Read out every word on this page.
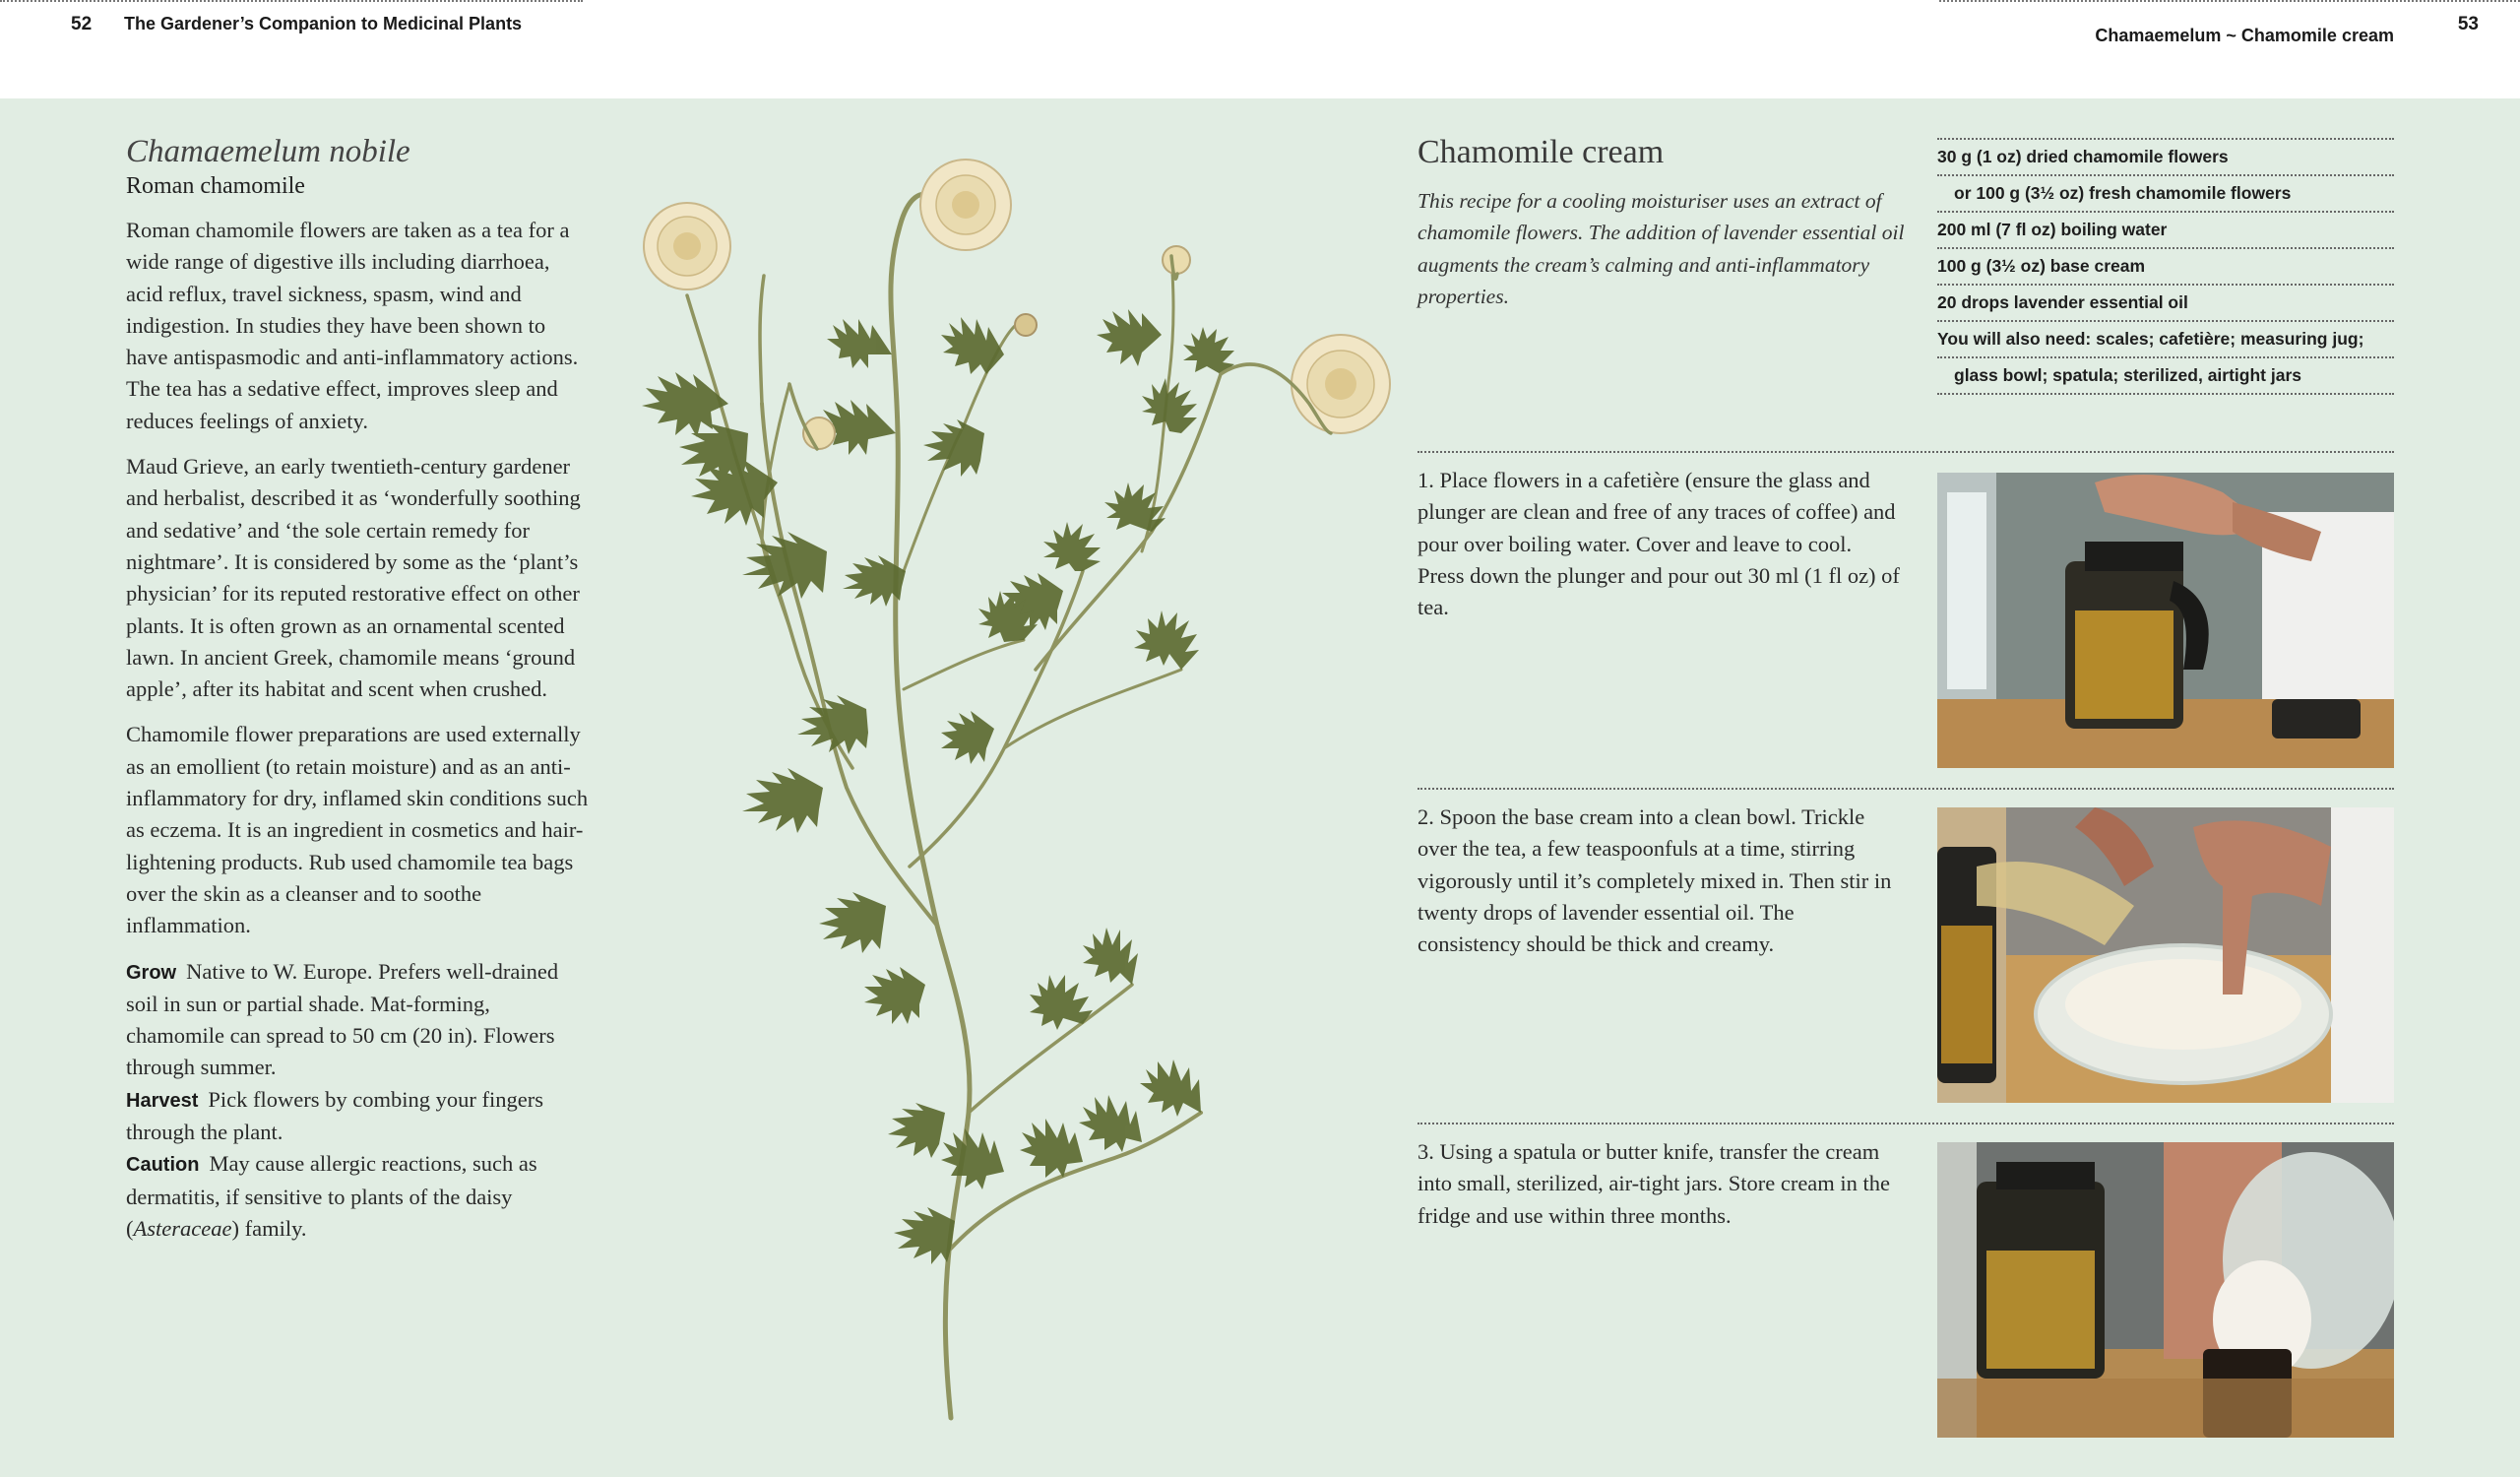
52 The Gardener’s Companion to Medicinal Plants
Chamaemelum ~ Chamomile cream
53
Chamaemelum nobile
Roman chamomile

Roman chamomile flowers are taken as a tea for a wide range of digestive ills including diarrhoea, acid reflux, travel sickness, spasm, wind and indigestion. In studies they have been shown to have antispasmodic and anti-inflammatory actions. The tea has a sedative effect, improves sleep and reduces feelings of anxiety.

Maud Grieve, an early twentieth-century gardener and herbalist, described it as ‘wonderfully soothing and sedative’ and ‘the sole certain remedy for nightmare’. It is considered by some as the ‘plant’s physician’ for its reputed restorative effect on other plants. It is often grown as an ornamental scented lawn. In ancient Greek, chamomile means ‘ground apple’, after its habitat and scent when crushed.

Chamomile flower preparations are used externally as an emollient (to retain moisture) and as an anti-inflammatory for dry, inflamed skin conditions such as eczema. It is an ingredient in cosmetics and hair-lightening products. Rub used chamomile tea bags over the skin as a cleanser and to soothe inflammation.

Grow Native to W. Europe. Prefers well-drained soil in sun or partial shade. Mat-forming, chamomile can spread to 50 cm (20 in). Flowers through summer.
Harvest Pick flowers by combing your fingers through the plant.
Caution May cause allergic reactions, such as dermatitis, if sensitive to plants of the daisy (Asteraceae) family.
Chamomile cream
This recipe for a cooling moisturiser uses an extract of chamomile flowers. The addition of lavender essential oil augments the cream’s calming and anti-inflammatory properties.
30 g (1 oz) dried chamomile flowers
or 100 g (3½ oz) fresh chamomile flowers
200 ml (7 fl oz) boiling water
100 g (3½ oz) base cream
20 drops lavender essential oil
You will also need: scales; cafetière; measuring jug;
glass bowl; spatula; sterilized, airtight jars
1. Place flowers in a cafetière (ensure the glass and plunger are clean and free of any traces of coffee) and pour over boiling water. Cover and leave to cool. Press down the plunger and pour out 30 ml (1 fl oz) of tea.
2. Spoon the base cream into a clean bowl. Trickle over the tea, a few teaspoonfuls at a time, stirring vigorously until it’s completely mixed in. Then stir in twenty drops of lavender essential oil. The consistency should be thick and creamy.
3. Using a spatula or butter knife, transfer the cream into small, sterilized, air-tight jars. Store cream in the fridge and use within three months.
